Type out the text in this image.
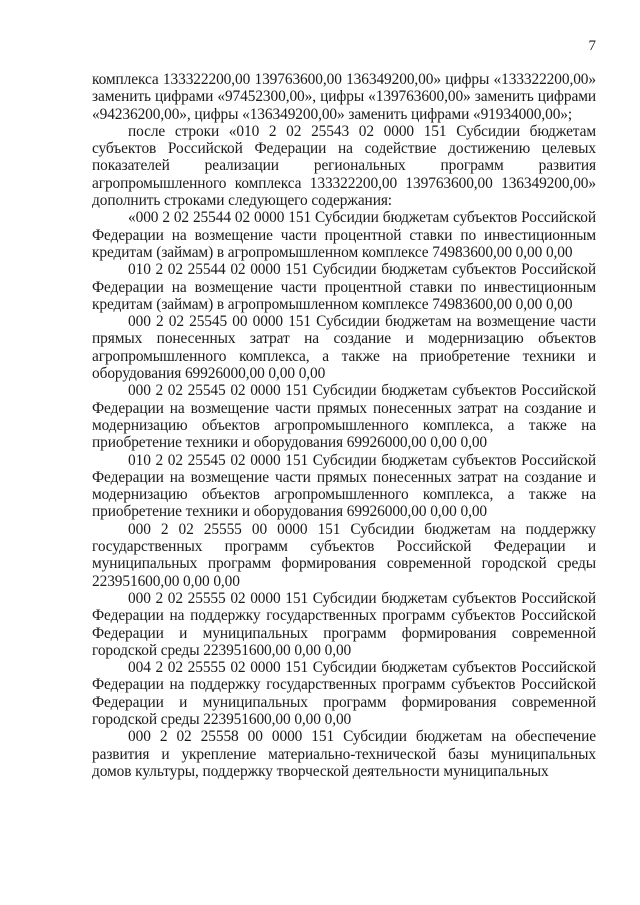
7

комплекса 133322200,00 139763600,00 136349200,00» цифры «133322200,00» заменить цифрами «97452300,00», цифры «139763600,00» заменить цифрами «94236200,00», цифры «136349200,00» заменить цифрами «91934000,00»;

после строки «010 2 02 25543 02 0000 151 Субсидии бюджетам субъектов Российской Федерации на содействие достижению целевых показателей реализации региональных программ развития агропромышленного комплекса 133322200,00 139763600,00 136349200,00» дополнить строками следующего содержания:

«000 2 02 25544 02 0000 151 Субсидии бюджетам субъектов Российской Федерации на возмещение части процентной ставки по инвестиционным кредитам (займам) в агропромышленном комплексе 74983600,00 0,00 0,00

010 2 02 25544 02 0000 151 Субсидии бюджетам субъектов Российской Федерации на возмещение части процентной ставки по инвестиционным кредитам (займам) в агропромышленном комплексе 74983600,00 0,00 0,00

000 2 02 25545 00 0000 151 Субсидии бюджетам на возмещение части прямых понесенных затрат на создание и модернизацию объектов агропромышленного комплекса, а также на приобретение техники и оборудования 69926000,00 0,00 0,00

000 2 02 25545 02 0000 151 Субсидии бюджетам субъектов Российской Федерации на возмещение части прямых понесенных затрат на создание и модернизацию объектов агропромышленного комплекса, а также на приобретение техники и оборудования 69926000,00 0,00 0,00

010 2 02 25545 02 0000 151 Субсидии бюджетам субъектов Российской Федерации на возмещение части прямых понесенных затрат на создание и модернизацию объектов агропромышленного комплекса, а также на приобретение техники и оборудования 69926000,00 0,00 0,00

000 2 02 25555 00 0000 151 Субсидии бюджетам на поддержку государственных программ субъектов Российской Федерации и муниципальных программ формирования современной городской среды 223951600,00 0,00 0,00

000 2 02 25555 02 0000 151 Субсидии бюджетам субъектов Российской Федерации на поддержку государственных программ субъектов Российской Федерации и муниципальных программ формирования современной городской среды 223951600,00 0,00 0,00

004 2 02 25555 02 0000 151 Субсидии бюджетам субъектов Российской Федерации на поддержку государственных программ субъектов Российской Федерации и муниципальных программ формирования современной городской среды 223951600,00 0,00 0,00

000 2 02 25558 00 0000 151 Субсидии бюджетам на обеспечение развития и укрепление материально-технической базы муниципальных домов культуры, поддержку творческой деятельности муниципальных
